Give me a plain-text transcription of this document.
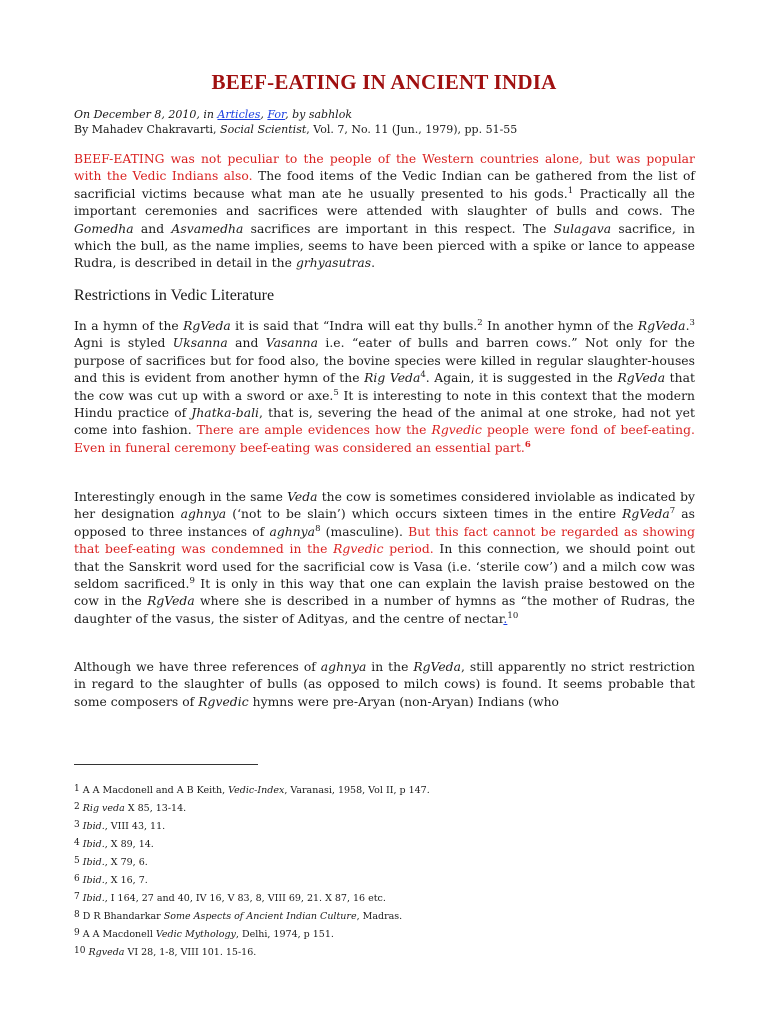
BEEF-EATING IN ANCIENT INDIA
On December 8, 2010, in Articles, For, by sabhlok
By Mahadev Chakravarti, Social Scientist, Vol. 7, No. 11 (Jun., 1979), pp. 51-55

BEEF-EATING was not peculiar to the people of the Western countries alone, but was popular with the Vedic Indians also. The food items of the Vedic Indian can be gathered from the list of sacrificial victims because what man ate he usually presented to his gods.$^1$ Practically all the important ceremonies and sacrifices were attended with slaughter of bulls and cows. The Gomedha and Asvamedha sacrifices are important in this respect. The Sulagava sacrifice, in which the bull, as the name implies, seems to have been pierced with a spike or lance to appease Rudra, is described in detail in the grhyasutras.

Restrictions in Vedic Literature

In a hymn of the RgVeda it is said that “Indra will eat thy bulls.$^2$ In another hymn of the RgVeda.$^3$ Agni is styled Uksanna and Vasanna i.e. “eater of bulls and barren cows.” Not only for the purpose of sacrifices but for food also, the bovine species were killed in regular slaughter-houses and this is evident from another hymn of the Rig Veda$^4$. Again, it is suggested in the RgVeda that the cow was cut up with a sword or axe.$^5$ It is interesting to note in this context that the modern Hindu practice of Jhatka-bali, that is, severing the head of the animal at one stroke, had not yet come into fashion. There are ample evidences how the Rgvedic people were fond of beef-eating. Even in funeral ceremony beef-eating was considered an essential part.$^6$

Interestingly enough in the same Veda the cow is sometimes considered inviolable as indicated by her designation aghnya (‘not to be slain’) which occurs sixteen times in the entire RgVeda$^7$ as opposed to three instances of aghnya$^8$ (masculine). But this fact cannot be regarded as showing that beef-eating was condemned in the Rgvedic period. In this connection, we should point out that the Sanskrit word used for the sacrificial cow is Vasa (i.e. ‘sterile cow’) and a milch cow was seldom sacrificed.$^9$ It is only in this way that one can explain the lavish praise bestowed on the cow in the RgVeda where she is described in a number of hymns as “the mother of Rudras, the daughter of the vasus, the sister of Adityas, and the centre of nectar.$^{10}$

Although we have three references of aghnya in the RgVeda, still apparently no strict restriction in regard to the slaughter of bulls (as opposed to milch cows) is found. It seems probable that some composers of Rgvedic hymns were pre-Aryan (non-Aryan) Indians (who

$^1$ A A Macdonell and A B Keith, Vedic-Index, Varanasi, 1958, Vol II, p 147.
$^2$ Rig veda X 85, 13-14.
$^3$ Ibid., VIII 43, 11.
$^4$ Ibid., X 89, 14.
$^5$ Ibid., X 79, 6.
$^6$ Ibid., X 16, 7.
$^7$ Ibid., I 164, 27 and 40, IV 16, V 83, 8, VIII 69, 21. X 87, 16 etc.
$^8$ D R Bhandarkar Some Aspects of Ancient Indian Culture, Madras.
$^9$ A A Macdonell Vedic Mythology, Delhi, 1974, p 151.
$^{10}$ Rgveda VI 28, 1-8, VIII 101. 15-16.
